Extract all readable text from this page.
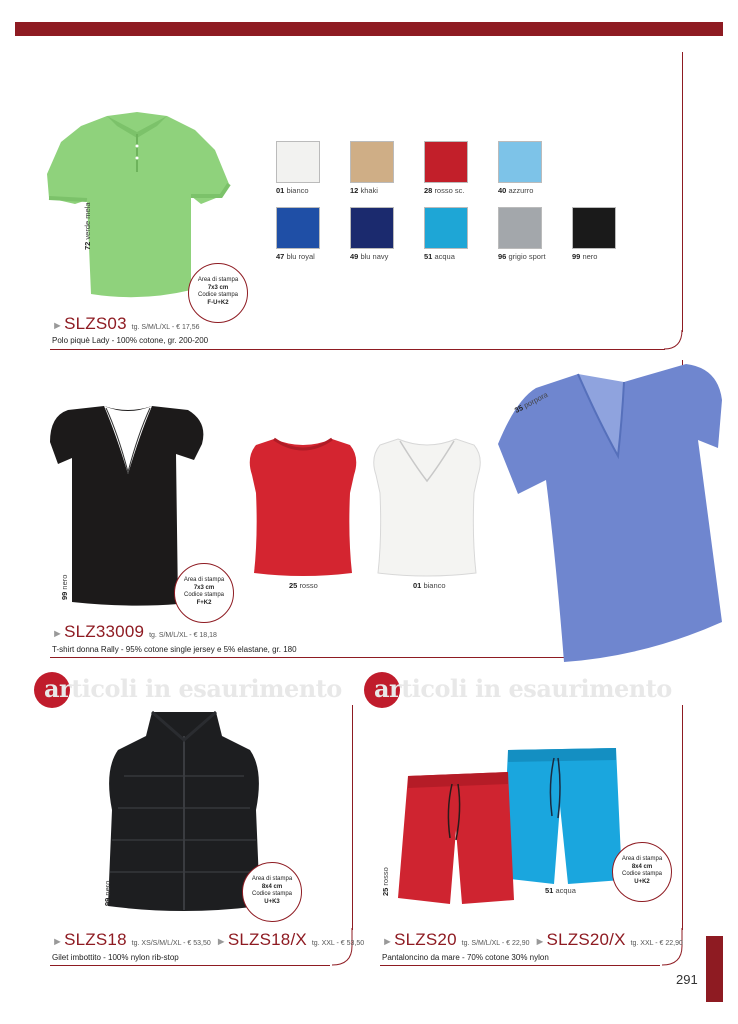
291
72 verde mela
Area di stampa
7x3 cm
Codice stampa
F-U+K2
01 bianco	12 khaki	28 rosso sc.	40 azzurro
47 blu royal	49 blu navy	51 acqua	96 grigio sport	99 nero
►SLZS03 tg. S/M/L/XL - € 17,56
Polo piquè Lady - 100% cotone, gr. 200-200
99 nero	Area di stampa
7x3 cm
Codice stampa
F+K2
25 rosso	01 bianco
35 porpora
►SLZ33009 tg. S/M/L/XL - € 18,18
T-shirt donna Rally - 95% cotone single jersey e 5% elastane, gr. 180
articoli in esaurimento articoli in esaurimento
99 nero
Area di stampa
8x4 cm
Codice stampa
U+K3
►SLZS18 tg. XS/S/M/L/XL - € 53,50 ►SLZS18/X tg. XXL - € 53,50
Gilet imbottito - 100% nylon rib-stop
51 acqua
25 rosso
Area di stampa
8x4 cm
Codice stampa
U+K2
►SLZS20 tg. S/M/L/XL - € 22,90 ►SLZS20/X tg. XXL - € 22,90
Pantaloncino da mare - 70% cotone 30% nylon
